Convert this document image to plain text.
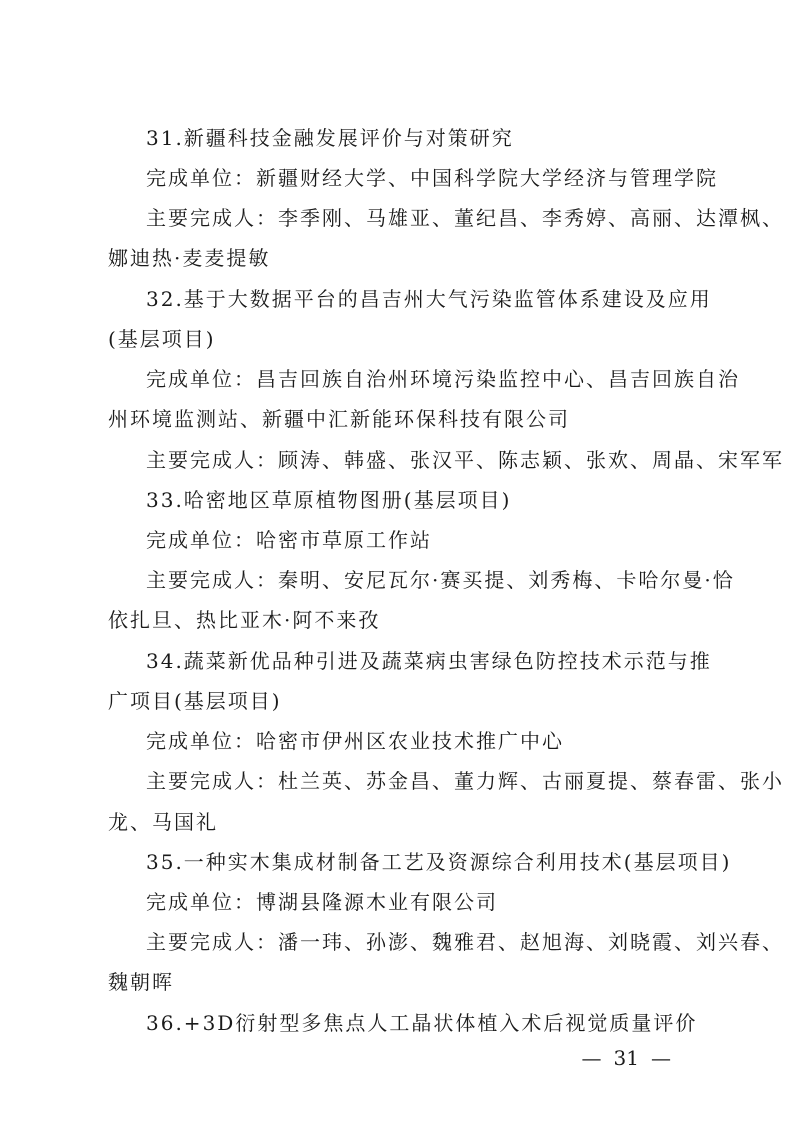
31.新疆科技金融发展评价与对策研究
完成单位：新疆财经大学、中国科学院大学经济与管理学院
主要完成人：李季刚、马雄亚、董纪昌、李秀婷、高丽、达潭枫、
娜迪热·麦麦提敏
32.基于大数据平台的昌吉州大气污染监管体系建设及应用
(基层项目)
完成单位：昌吉回族自治州环境污染监控中心、昌吉回族自治
州环境监测站、新疆中汇新能环保科技有限公司
主要完成人：顾涛、韩盛、张汉平、陈志颖、张欢、周晶、宋军军
33.哈密地区草原植物图册(基层项目)
完成单位：哈密市草原工作站
主要完成人：秦明、安尼瓦尔·赛买提、刘秀梅、卡哈尔曼·恰
依扎旦、热比亚木·阿不来孜
34.蔬菜新优品种引进及蔬菜病虫害绿色防控技术示范与推
广项目(基层项目)
完成单位：哈密市伊州区农业技术推广中心
主要完成人：杜兰英、苏金昌、董力辉、古丽夏提、蔡春雷、张小
龙、马国礼
35.一种实木集成材制备工艺及资源综合利用技术(基层项目)
完成单位：博湖县隆源木业有限公司
主要完成人：潘一玮、孙澎、魏雅君、赵旭海、刘晓霞、刘兴春、
魏朝晖
36.+3D衍射型多焦点人工晶状体植入术后视觉质量评价
— 31 —
